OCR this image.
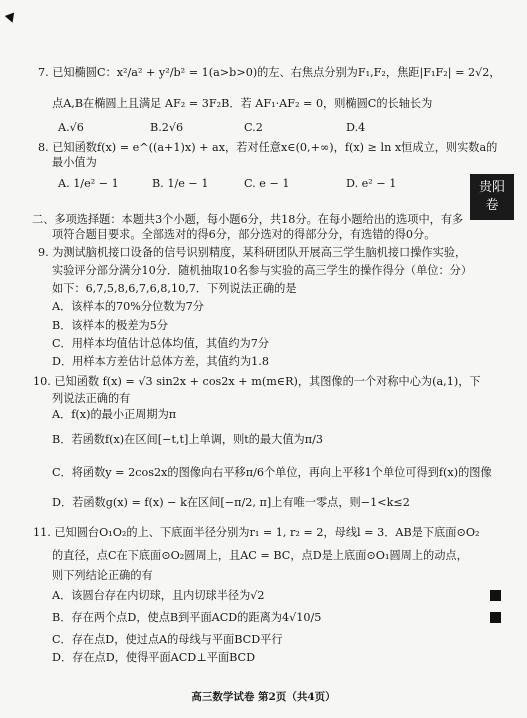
贵阳
卷
7. 已知椭圆C：x²/a² + y²/b² = 1(a>b>0)的左、右焦点分别为F₁,F₂，焦距|F₁F₂| = 2√2，
点A,B在椭圆上且满足 AF₂ = 3F₂B．若 AF₁·AF₂ = 0，则椭圆C的长轴长为
A.√6	B.2√6	C.2	D.4
8. 已知函数f(x) = e^((a+1)x) + ax，若对任意x∈(0,+∞)，f(x) ≥ ln x恒成立，则实数a的
最小值为
A. 1/e² − 1	B. 1/e − 1	C. e − 1	D. e² − 1
二、多项选择题：本题共3个小题，每小题6分，共18分。在每小题给出的选项中，有多
项符合题目要求。全部选对的得6分，部分选对的得部分分，有选错的得0分。
9. 为测试脑机接口设备的信号识别精度，某科研团队开展高三学生脑机接口操作实验，
实验评分部分满分10分．随机抽取10名参与实验的高三学生的操作得分（单位：分）
如下：6,7,5,8,6,7,6,8,10,7．下列说法正确的是
A．该样本的70%分位数为7分
B．该样本的极差为5分
C．用样本均值估计总体均值，其值约为7分
D．用样本方差估计总体方差，其值约为1.8
10. 已知函数 f(x) = √3 sin2x + cos2x + m(m∈R)，其图像的一个对称中心为(a,1)，下
列说法正确的有
A．f(x)的最小正周期为π
B．若函数f(x)在区间[−t,t]上单调，则t的最大值为π/3
C．将函数y = 2cos2x的图像向右平移π/6个单位，再向上平移1个单位可得到f(x)的图像
D．若函数g(x) = f(x) − k在区间[−π/2, π]上有唯一零点，则−1<k≤2
11. 已知圆台O₁O₂的上、下底面半径分别为r₁ = 1, r₂ = 2，母线l = 3．AB是下底面⊙O₂
的直径，点C在下底面⊙O₂圆周上，且AC = BC，点D是上底面⊙O₁圆周上的动点，
则下列结论正确的有
A．该圆台存在内切球，且内切球半径为√2
B．存在两个点D，使点B到平面ACD的距离为4√10/5
C．存在点D，使过点A的母线与平面BCD平行
D．存在点D，使得平面ACD⊥平面BCD
高三数学试卷 第2页（共4页）
